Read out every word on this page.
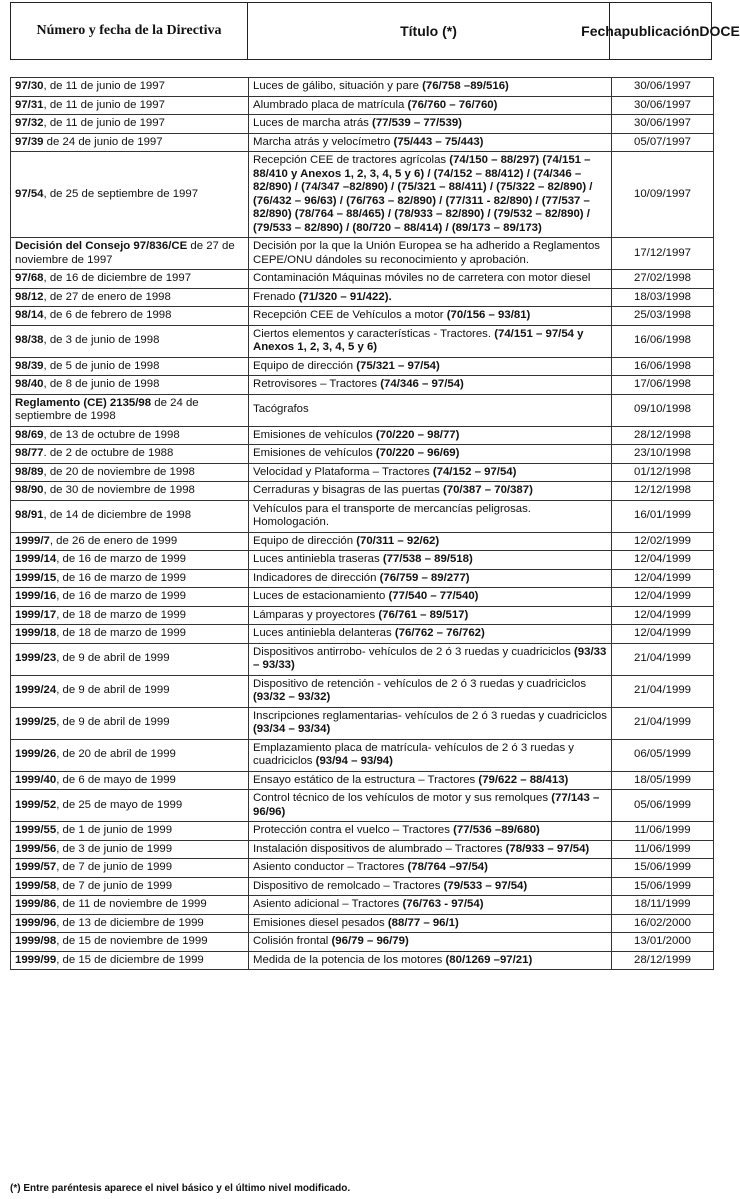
Número y fecha de la Directiva	Título (*)	Fecha publicación DOCE
97/30, de 11 de junio de 1997	Luces de gálibo, situación y pare (76/758 –89/516)	30/06/1997
97/31, de 11 de junio de 1997	Alumbrado placa de matrícula (76/760 – 76/760)	30/06/1997
97/32, de 11 de junio de 1997	Luces de marcha atrás (77/539 – 77/539)	30/06/1997
97/39 de 24 de junio de 1997	Marcha atrás y velocímetro (75/443 – 75/443)	05/07/1997
97/54, de 25 de septiembre de 1997	Recepción CEE de tractores agrícolas (74/150 – 88/297) (74/151 – 88/410 y Anexos 1, 2, 3, 4, 5 y 6) / (74/152 – 88/412) / (74/346 – 82/890) / (74/347 –82/890) / (75/321 – 88/411) / (75/322 – 82/890) / (76/432 – 96/63) / (76/763 – 82/890) / (77/311 - 82/890) / (77/537 – 82/890) (78/764 – 88/465) / (78/933 – 82/890) / (79/532 – 82/890) / (79/533 – 82/890) / (80/720 – 88/414) / (89/173 – 89/173)	10/09/1997
Decisión del Consejo 97/836/CE de 27 de noviembre de 1997	Decisión por la que la Unión Europea se ha adherido a Reglamentos CEPE/ONU dándoles su reconocimiento y aprobación.	17/12/1997
97/68, de 16 de diciembre de 1997	Contaminación Máquinas móviles no de carretera con motor diesel	27/02/1998
98/12, de 27 de enero de 1998	Frenado (71/320 – 91/422).	18/03/1998
98/14, de 6 de febrero de 1998	Recepción CEE de Vehículos a motor (70/156 – 93/81)	25/03/1998
98/38, de 3 de junio de 1998	Ciertos elementos y características - Tractores. (74/151 – 97/54 y Anexos 1, 2, 3, 4, 5 y 6)	16/06/1998
98/39, de 5 de junio de 1998	Equipo de dirección (75/321 – 97/54)	16/06/1998
98/40, de 8 de junio de 1998	Retrovisores – Tractores (74/346 – 97/54)	17/06/1998
Reglamento (CE) 2135/98 de 24 de septiembre de 1998	Tacógrafos	09/10/1998
98/69, de 13 de octubre de 1998	Emisiones de vehículos (70/220 – 98/77)	28/12/1998
98/77. de 2 de octubre de 1988	Emisiones de vehículos (70/220 – 96/69)	23/10/1998
98/89, de 20 de noviembre de 1998	Velocidad y Plataforma – Tractores (74/152 – 97/54)	01/12/1998
98/90, de 30 de noviembre de 1998	Cerraduras y bisagras de las puertas (70/387 – 70/387)	12/12/1998
98/91, de 14 de diciembre de 1998	Vehículos para el transporte de mercancías peligrosas. Homologación.	16/01/1999
1999/7, de 26 de enero de 1999	Equipo de dirección (70/311 – 92/62)	12/02/1999
1999/14, de 16 de marzo de 1999	Luces antiniebla traseras (77/538 – 89/518)	12/04/1999
1999/15, de 16 de marzo de 1999	Indicadores de dirección (76/759 – 89/277)	12/04/1999
1999/16, de 16 de marzo de 1999	Luces de estacionamiento (77/540 – 77/540)	12/04/1999
1999/17, de 18 de marzo de 1999	Lámparas y proyectores (76/761 – 89/517)	12/04/1999
1999/18, de 18 de marzo de 1999	Luces antiniebla delanteras (76/762 – 76/762)	12/04/1999
1999/23, de 9 de abril de 1999	Dispositivos antirrobo- vehículos de 2 ó 3 ruedas y cuadriciclos (93/33 – 93/33)	21/04/1999
1999/24, de 9 de abril de 1999	Dispositivo de retención - vehículos de 2 ó 3 ruedas y cuadriciclos (93/32 – 93/32)	21/04/1999
1999/25, de 9 de abril de 1999	Inscripciones reglamentarias- vehículos de 2 ó 3 ruedas y cuadriciclos (93/34 – 93/34)	21/04/1999
1999/26, de 20 de abril de 1999	Emplazamiento placa de matrícula- vehículos de 2 ó 3 ruedas y cuadriciclos (93/94 – 93/94)	06/05/1999
1999/40, de 6 de mayo de 1999	Ensayo estático de la estructura – Tractores (79/622 – 88/413)	18/05/1999
1999/52, de 25 de mayo de 1999	Control técnico de los vehículos de motor y sus remolques (77/143 – 96/96)	05/06/1999
1999/55, de 1 de junio de 1999	Protección contra el vuelco – Tractores (77/536 –89/680)	11/06/1999
1999/56, de 3 de junio de 1999	Instalación dispositivos de alumbrado – Tractores (78/933 – 97/54)	11/06/1999
1999/57, de 7 de junio de 1999	Asiento conductor – Tractores (78/764 –97/54)	15/06/1999
1999/58, de 7 de junio de 1999	Dispositivo de remolcado – Tractores (79/533 – 97/54)	15/06/1999
1999/86, de 11 de noviembre de 1999	Asiento adicional – Tractores (76/763 - 97/54)	18/11/1999
1999/96, de 13 de diciembre de 1999	Emisiones diesel pesados (88/77 – 96/1)	16/02/2000
1999/98, de 15 de noviembre de 1999	Colisión frontal (96/79 – 96/79)	13/01/2000
1999/99, de 15 de diciembre de 1999	Medida de la potencia de los motores (80/1269 –97/21)	28/12/1999
(*) Entre paréntesis aparece el nivel básico y el último nivel modificado.
